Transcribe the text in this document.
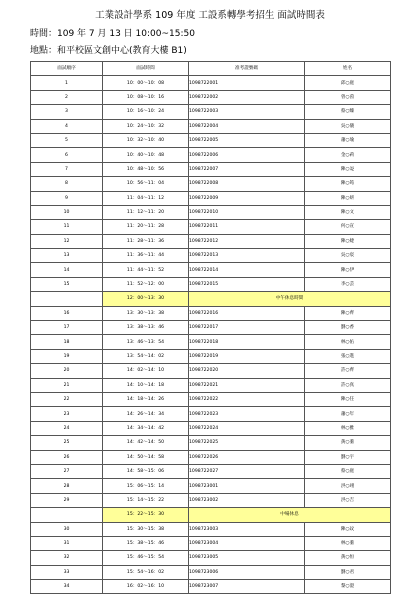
工業設計學系 109 年度 工設系轉學考招生 面試時間表
時間：109 年 7 月 13 日 10:00~15:50
地點：和平校區文創中心(教育大樓 B1)
面試順序	面試時間	准考證號碼	姓名
1	10：00～10：08	1098722001	邱○庭
2	10：08～10：16	1098722002	曾○茵
3	10：16～10：24	1098722003	蔡○臻
4	10：24～10：32	1098722004	吳○儀
5	10：32～10：40	1098722005	蕭○瑜
6	10：40～10：48	1098722006	金○莉
7	10：48～10：56	1098722007	陳○彣
8	10：56～11：04	1098722008	陳○筠
9	11：04～11：12	1098722009	陳○妍
10	11：12～11：20	1098722010	陳○文
11	11：20～11：28	1098722011	何○宣
12	11：28～11：36	1098722012	陳○婕
13	11：36～11：44	1098722013	吳○宸
14	11：44～11：52	1098722014	陳○伊
15	11：52～12：00	1098722015	李○芸
	12：00～13：30	中午休息時間	
16	13：30～13：38	1098722016	陳○齊
17	13：38～13：46	1098722017	劉○香
18	13：46～13：54	1098722018	林○佑
19	13：54～14：02	1098722019	張○進
20	14：02～14：10	1098722020	許○齊
21	14：10～14：18	1098722021	許○真
22	14：18～14：26	1098722022	陳○任
23	14：26～14：34	1098722023	蕭○年
24	14：34～14：42	1098722024	林○雅
25	14：42～14：50	1098722025	黃○蓁
26	14：50～14：58	1098722026	劉○宇
27	14：58～15：06	1098722027	蔡○庭
28	15：06～15：14	1098723001	洪○翊
29	15：14～15：22	1098723002	洪○吉
	15：22～15：30	中場休息	
30	15：30～15：38	1098723003	陳○玟
31	15：38～15：46	1098723004	林○蓁
32	15：46～15：54	1098723005	黃○恒
33	15：54～16：02	1098723006	劉○君
34	16：02～16：10	1098723007	黎○澄
